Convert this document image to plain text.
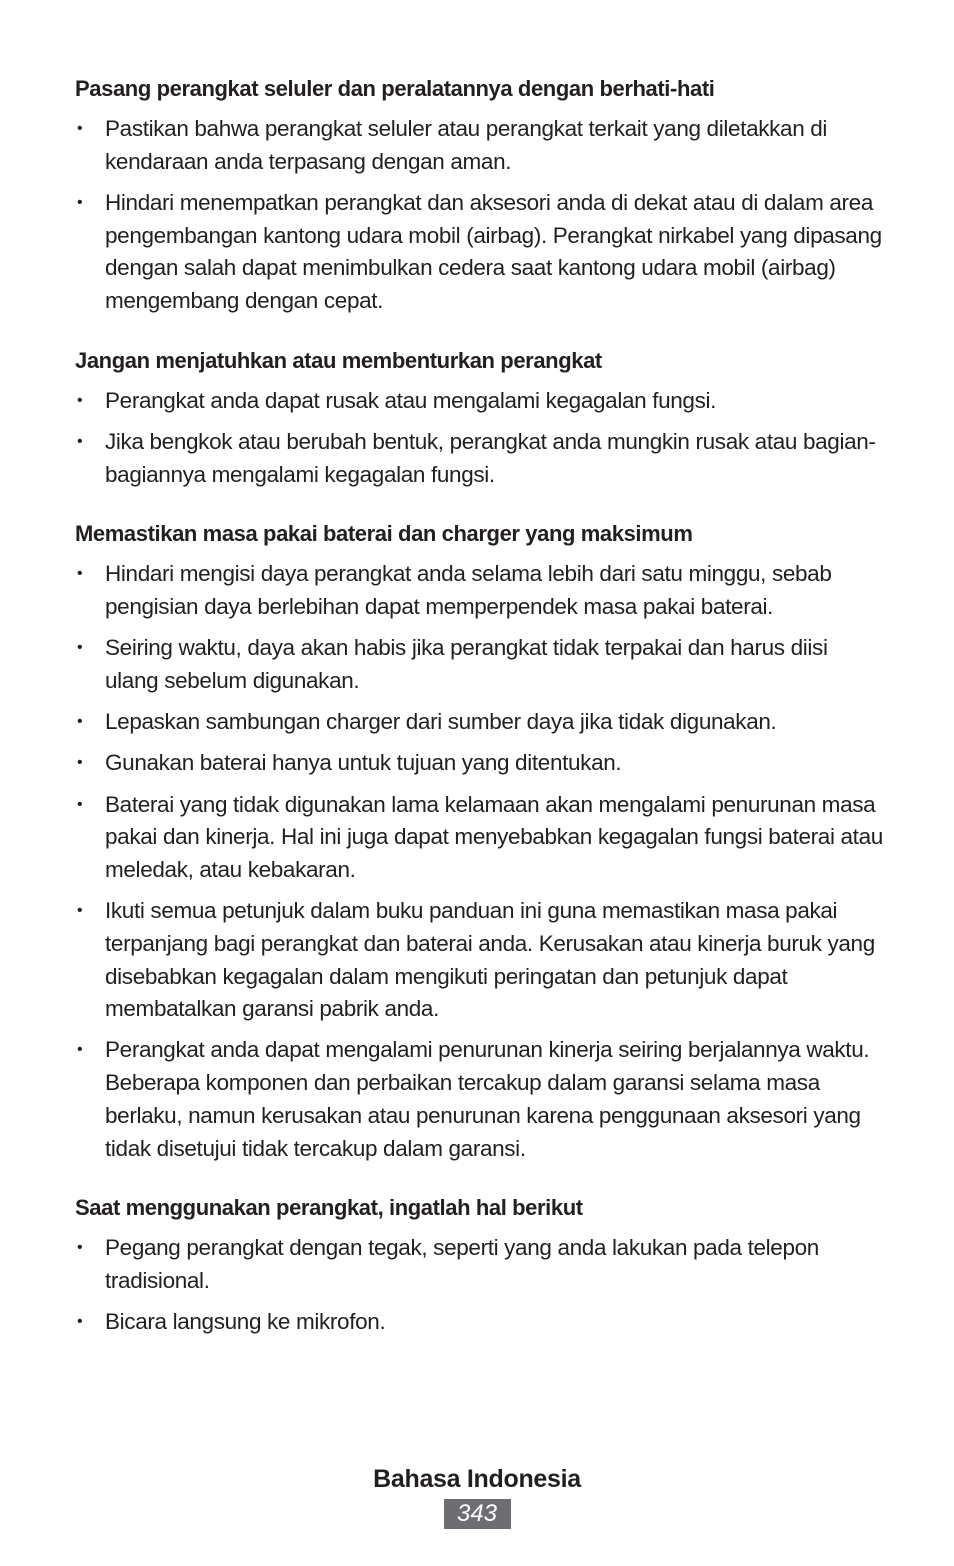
Pasang perangkat seluler dan peralatannya dengan berhati-hati
• Pastikan bahwa perangkat seluler atau perangkat terkait yang diletakkan di kendaraan anda terpasang dengan aman.
• Hindari menempatkan perangkat dan aksesori anda di dekat atau di dalam area pengembangan kantong udara mobil (airbag). Perangkat nirkabel yang dipasang dengan salah dapat menimbulkan cedera saat kantong udara mobil (airbag) mengembang dengan cepat.
Jangan menjatuhkan atau membenturkan perangkat
• Perangkat anda dapat rusak atau mengalami kegagalan fungsi.
• Jika bengkok atau berubah bentuk, perangkat anda mungkin rusak atau bagian-bagiannya mengalami kegagalan fungsi.
Memastikan masa pakai baterai dan charger yang maksimum
• Hindari mengisi daya perangkat anda selama lebih dari satu minggu, sebab pengisian daya berlebihan dapat memperpendek masa pakai baterai.
• Seiring waktu, daya akan habis jika perangkat tidak terpakai dan harus diisi ulang sebelum digunakan.
• Lepaskan sambungan charger dari sumber daya jika tidak digunakan.
• Gunakan baterai hanya untuk tujuan yang ditentukan.
• Baterai yang tidak digunakan lama kelamaan akan mengalami penurunan masa pakai dan kinerja. Hal ini juga dapat menyebabkan kegagalan fungsi baterai atau meledak, atau kebakaran.
• Ikuti semua petunjuk dalam buku panduan ini guna memastikan masa pakai terpanjang bagi perangkat dan baterai anda. Kerusakan atau kinerja buruk yang disebabkan kegagalan dalam mengikuti peringatan dan petunjuk dapat membatalkan garansi pabrik anda.
• Perangkat anda dapat mengalami penurunan kinerja seiring berjalannya waktu. Beberapa komponen dan perbaikan tercakup dalam garansi selama masa berlaku, namun kerusakan atau penurunan karena penggunaan aksesori yang tidak disetujui tidak tercakup dalam garansi.
Saat menggunakan perangkat, ingatlah hal berikut
• Pegang perangkat dengan tegak, seperti yang anda lakukan pada telepon tradisional.
• Bicara langsung ke mikrofon.
Bahasa Indonesia
343
